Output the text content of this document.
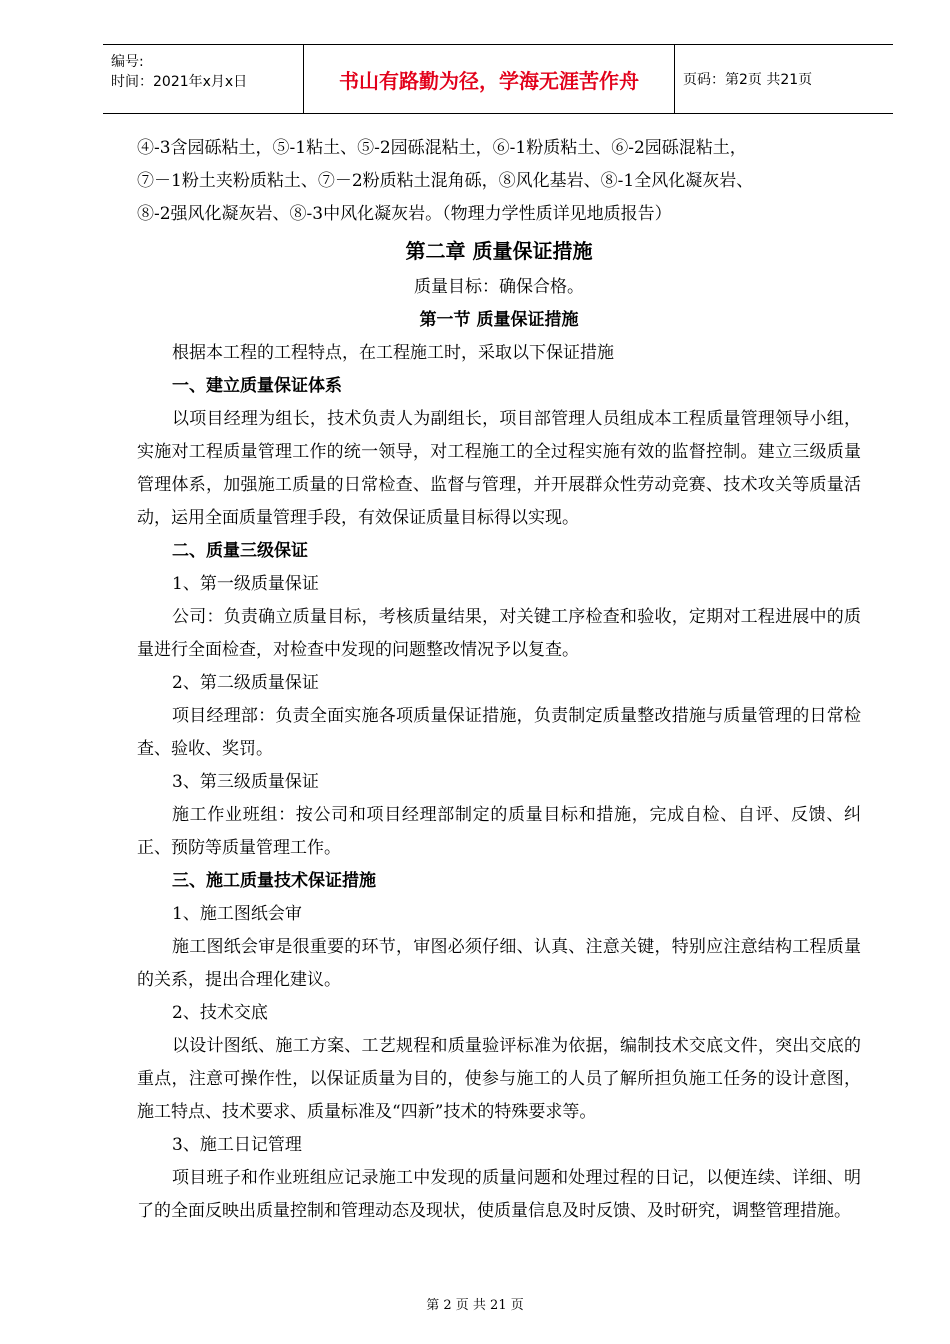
编号:
时间：2021年x月x日	书山有路勤为径，学海无涯苦作舟	页码：第2页 共21页

④-3含园砾粘土，⑤-1粘土、⑤-2园砾混粘土，⑥-1粉质粘土、⑥-2园砾混粘土，

⑦－1粉土夹粉质粘土、⑦－2粉质粘土混角砾，⑧风化基岩、⑧-1全风化凝灰岩、

⑧-2强风化凝灰岩、⑧-3中风化凝灰岩。（物理力学性质详见地质报告）

第二章 质量保证措施

质量目标：确保合格。

第一节 质量保证措施

根据本工程的工程特点，在工程施工时，采取以下保证措施

一、建立质量保证体系

以项目经理为组长，技术负责人为副组长，项目部管理人员组成本工程质量管理领导小组，实施对工程质量管理工作的统一领导，对工程施工的全过程实施有效的监督控制。建立三级质量管理体系，加强施工质量的日常检查、监督与管理，并开展群众性劳动竞赛、技术攻关等质量活动，运用全面质量管理手段，有效保证质量目标得以实现。

二、质量三级保证

1、第一级质量保证

公司：负责确立质量目标，考核质量结果，对关键工序检查和验收，定期对工程进展中的质量进行全面检查，对检查中发现的问题整改情况予以复查。

2、第二级质量保证

项目经理部：负责全面实施各项质量保证措施，负责制定质量整改措施与质量管理的日常检查、验收、奖罚。

3、第三级质量保证

施工作业班组：按公司和项目经理部制定的质量目标和措施，完成自检、自评、反馈、纠正、预防等质量管理工作。

三、施工质量技术保证措施

1、施工图纸会审

施工图纸会审是很重要的环节，审图必须仔细、认真、注意关键，特别应注意结构工程质量的关系，提出合理化建议。

2、技术交底

以设计图纸、施工方案、工艺规程和质量验评标准为依据，编制技术交底文件，突出交底的重点，注意可操作性，以保证质量为目的，使参与施工的人员了解所担负施工任务的设计意图，施工特点、技术要求、质量标准及“四新”技术的特殊要求等。

3、施工日记管理

项目班子和作业班组应记录施工中发现的质量问题和处理过程的日记，以便连续、详细、明了的全面反映出质量控制和管理动态及现状，使质量信息及时反馈、及时研究，调整管理措施。

第 2 页 共 21 页
